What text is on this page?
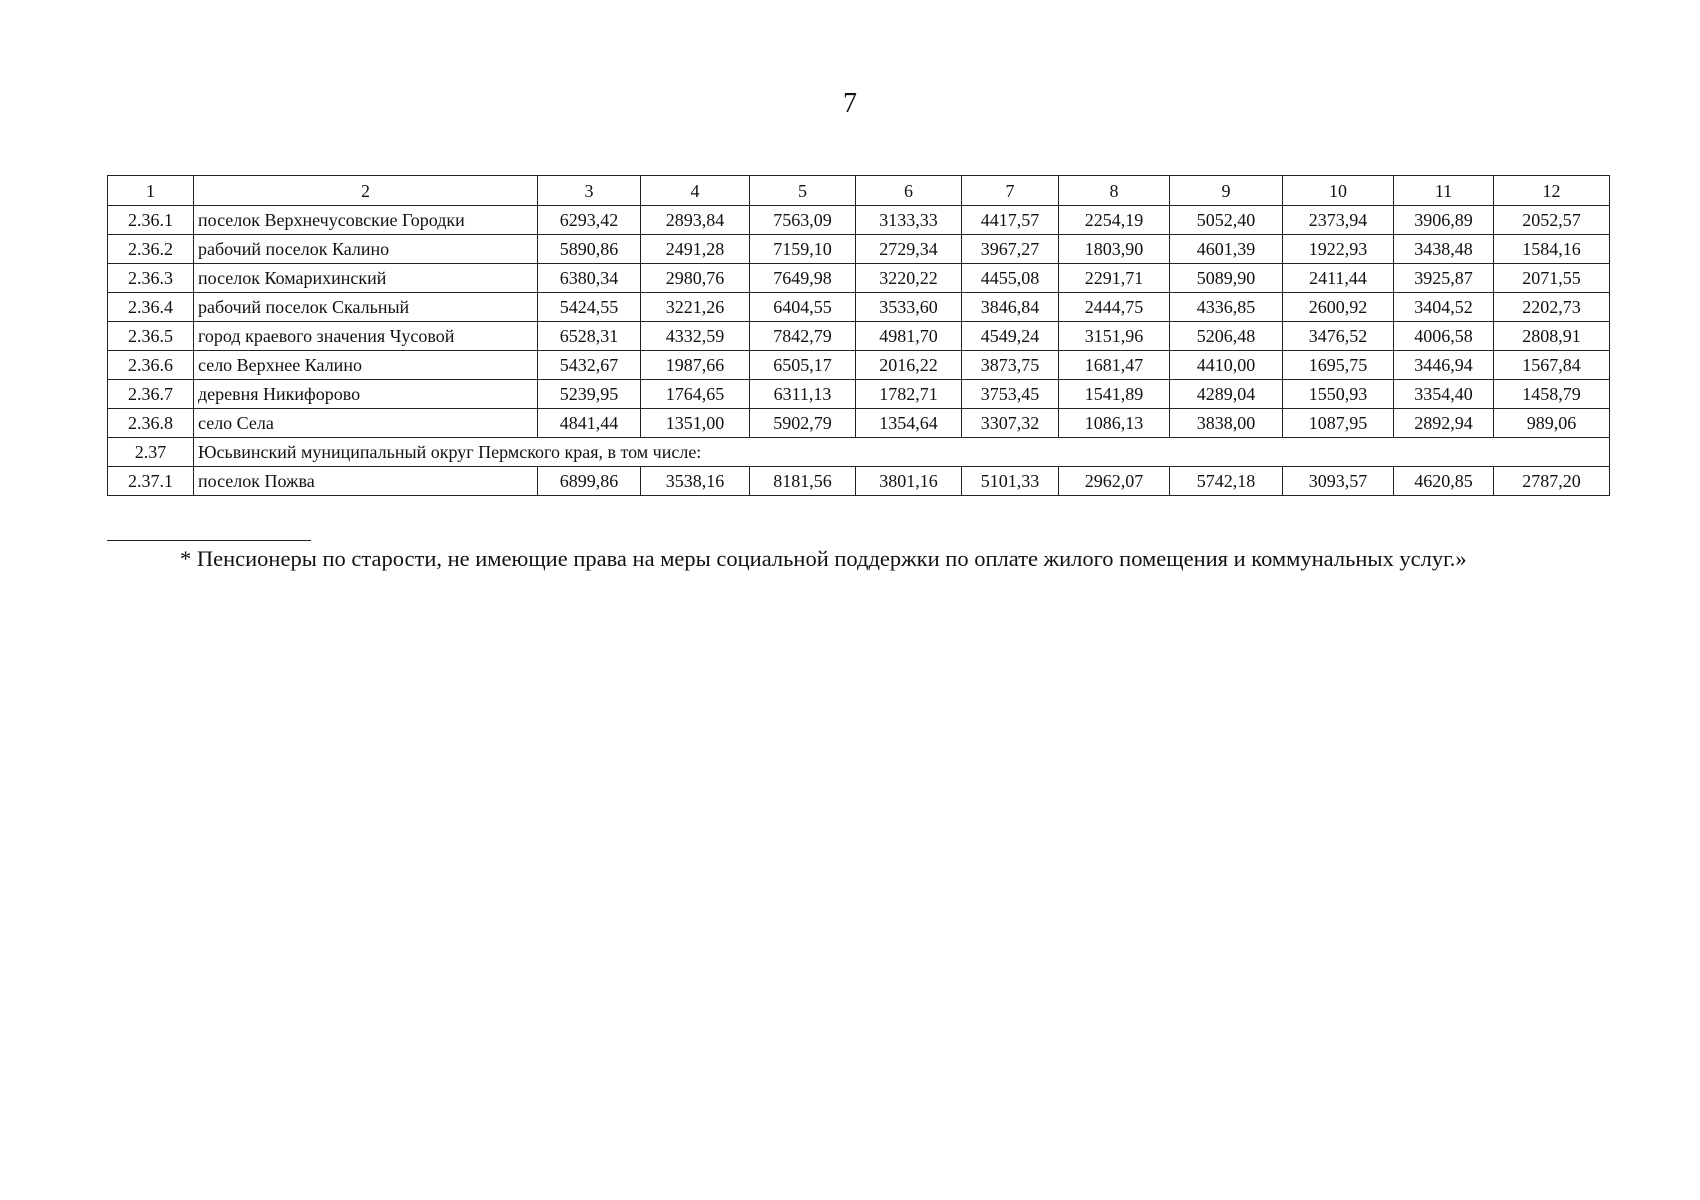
7
1	2	3	4	5	6	7	8	9	10	11	12
2.36.1	поселок Верхнечусовские Городки	6293,42	2893,84	7563,09	3133,33	4417,57	2254,19	5052,40	2373,94	3906,89	2052,57
2.36.2	рабочий поселок Калино	5890,86	2491,28	7159,10	2729,34	3967,27	1803,90	4601,39	1922,93	3438,48	1584,16
2.36.3	поселок Комарихинский	6380,34	2980,76	7649,98	3220,22	4455,08	2291,71	5089,90	2411,44	3925,87	2071,55
2.36.4	рабочий поселок Скальный	5424,55	3221,26	6404,55	3533,60	3846,84	2444,75	4336,85	2600,92	3404,52	2202,73
2.36.5	город краевого значения Чусовой	6528,31	4332,59	7842,79	4981,70	4549,24	3151,96	5206,48	3476,52	4006,58	2808,91
2.36.6	село Верхнее Калино	5432,67	1987,66	6505,17	2016,22	3873,75	1681,47	4410,00	1695,75	3446,94	1567,84
2.36.7	деревня Никифорово	5239,95	1764,65	6311,13	1782,71	3753,45	1541,89	4289,04	1550,93	3354,40	1458,79
2.36.8	село Села	4841,44	1351,00	5902,79	1354,64	3307,32	1086,13	3838,00	1087,95	2892,94	989,06
2.37	Юсьвинский муниципальный округ Пермского края, в том числе:										
2.37.1	поселок Пожва	6899,86	3538,16	8181,56	3801,16	5101,33	2962,07	5742,18	3093,57	4620,85	2787,20
* Пенсионеры по старости, не имеющие права на меры социальной поддержки по оплате жилого помещения и коммунальных услуг.»
